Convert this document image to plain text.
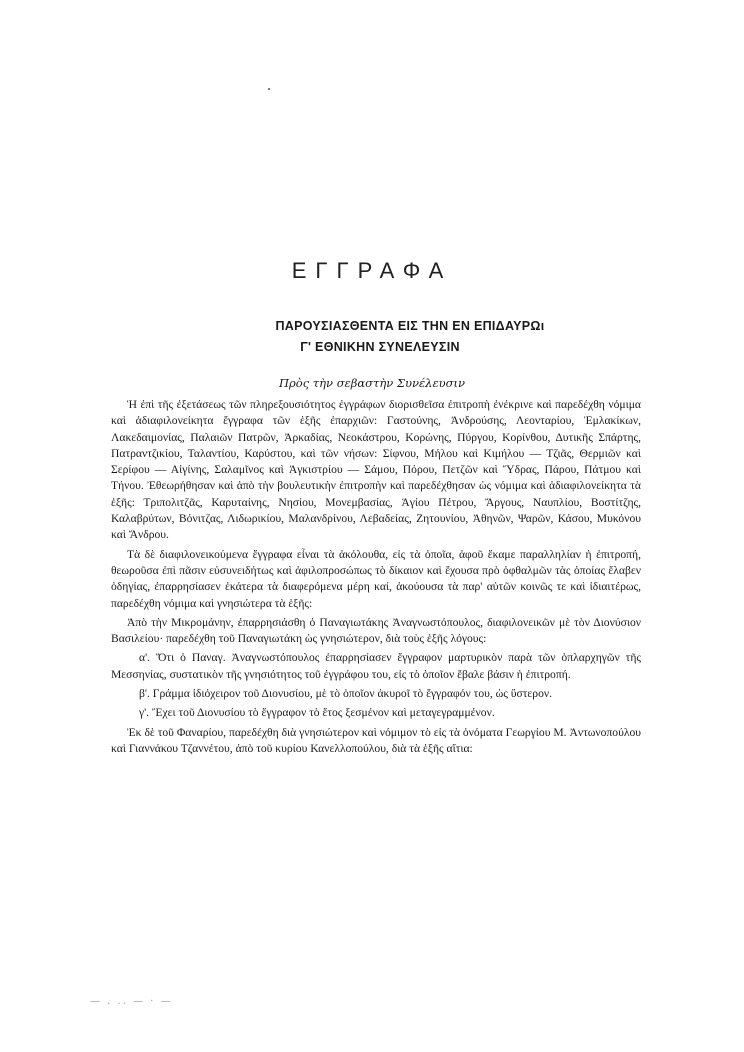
ΕΓΓΡΑΦΑ
ΠΑΡΟΥΣΙΑΣΘΕΝΤΑ ΕΙΣ ΤΗΝ ΕΝ ΕΠΙΔΑΥΡΩι
Γ' ΕΘΝΙΚΗΝ ΣΥΝΕΛΕΥΣΙΝ
Πρὸς τὴν σεβαστὴν Συνέλευσιν

Ἡ ἐπὶ τῆς ἐξετάσεως τῶν πληρεξουσιότητος ἐγγράφων διορισθεῖσα ἐπιτροπὴ ἐνέκρινε καὶ παρεδέχθη νόμιμα καὶ ἀδιαφιλονείκητα ἔγγραφα τῶν ἑξῆς ἐπαρχιῶν: Γαστούνης, Ἀνδρούσης, Λεονταρίου, Ἐμλακίκων, Λακεδαιμονίας, Παλαιῶν Πατρῶν, Ἀρκαδίας, Νεοκάστρου, Κορώνης, Πύργου, Κορίνθου, Δυτικῆς Σπάρτης, Πατραντζικίου, Ταλαντίου, Καρύστου, καὶ τῶν νήσων: Σίφνου, Μήλου καὶ Κιμήλου — Τζιᾶς, Θερμιῶν καὶ Σερίφου — Αἰγίνης, Σαλαμῖνος καὶ Ἀγκιστρίου — Σάμου, Πόρου, Πετζῶν καὶ Ὕδρας, Πάρου, Πάτμου καὶ Τήνου. Ἐθεωρήθησαν καὶ ἀπὸ τὴν βουλευτικὴν ἐπιτροπὴν καὶ παρεδέχθησαν ὡς νόμιμα καὶ ἀδιαφιλονείκητα τὰ ἑξῆς: Τριπολιτζᾶς, Καρυταίνης, Νησίου, Μονεμβασίας, Ἁγίου Πέτρου, Ἄργους, Ναυπλίου, Βοστίτζης, Καλαβρύτων, Βόνιτζας, Λιδωρικίου, Μαλανδρίνου, Λεβαδείας, Ζητουνίου, Ἀθηνῶν, Ψαρῶν, Κάσου, Μυκόνου καὶ Ἄνδρου.

Τὰ δὲ διαφιλονεικούμενα ἔγγραφα εἶναι τὰ ἀκόλουθα, εἰς τὰ ὁποῖα, ἀφοῦ ἔκαμε παραλληλίαν ἡ ἐπιτροπή, θεωροῦσα ἐπὶ πᾶσιν εὐσυνειδήτως καὶ ἀφιλοπροσώπως τὸ δίκαιον καὶ ἔχουσα πρὸ ὀφθαλμῶν τὰς ὁποίας ἔλαβεν ὁδηγίας, ἐπαρρησίασεν ἑκάτερα τὰ διαφερόμενα μέρη καί, ἀκούουσα τὰ παρ' αὐτῶν κοινῶς τε καὶ ἰδιαιτέρως, παρεδέχθη νόμιμα καὶ γνησιώτερα τὰ ἑξῆς:

Ἀπὸ τὴν Μικρομάνην, ἐπαρρησιάσθη ὁ Παναγιωτάκης Ἀναγνωστόπουλος, διαφιλονεικῶν μὲ τὸν Διονύσιον Βασιλείου· παρεδέχθη τοῦ Παναγιωτάκη ὡς γνησιώτερον, διὰ τοὺς ἑξῆς λόγους:

α'. Ὅτι ὁ Παναγ. Ἀναγνωστόπουλος ἐπαρρησίασεν ἔγγραφον μαρτυρικὸν παρὰ τῶν ὁπλαρχηγῶν τῆς Μεσσηνίας, συστατικὸν τῆς γνησιότητος τοῦ ἐγγράφου του, εἰς τὸ ὁποῖον ἔβαλε βάσιν ἡ ἐπιτροπή.

β'. Γράμμα ἰδιόχειρον τοῦ Διονυσίου, μὲ τὸ ὁποῖον ἀκυροῖ τὸ ἔγγραφόν του, ὡς ὕστερον.

γ'. Ἔχει τοῦ Διονυσίου τὸ ἔγγραφον τὸ ἔτος ξεσμένον καὶ μεταγεγραμμένον.

Ἐκ δὲ τοῦ Φαναρίου, παρεδέχθη διὰ γνησιώτερον καὶ νόμιμον τὸ εἰς τὰ ὀνόματα Γεωργίου Μ. Ἀντωνοπούλου καὶ Γιαννάκου Τζαννέτου, ἀπὸ τοῦ κυρίου Κανελλοπούλου, διὰ τὰ ἑξῆς αἴτια:

— . .. — · —
